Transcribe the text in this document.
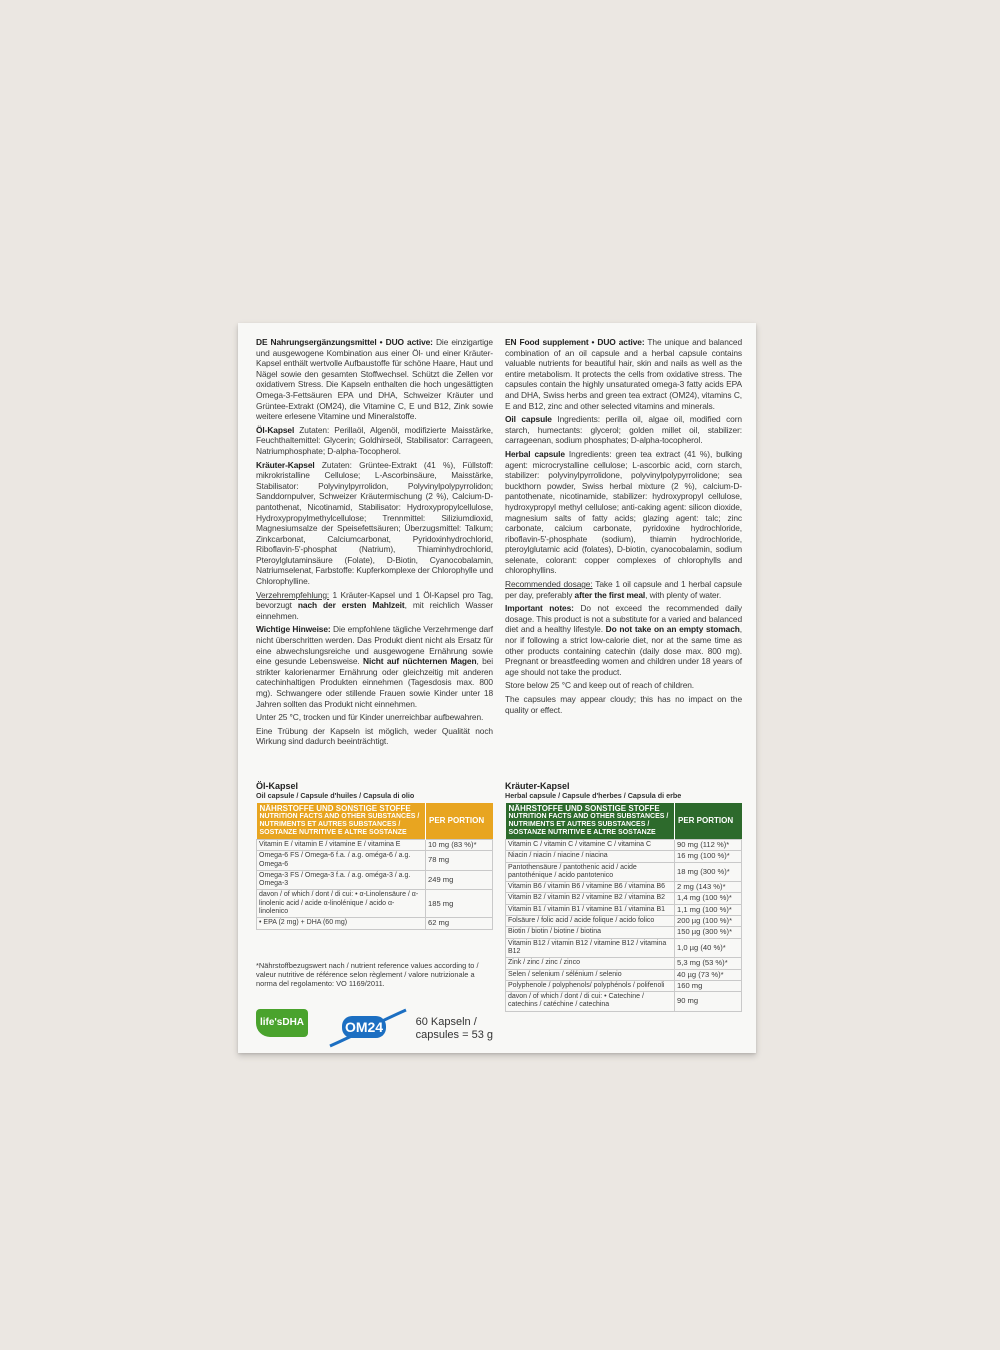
DE Nahrungsergänzungsmittel • DUO active: Die einzigartige und ausgewogene Kombination aus einer Öl- und einer Kräuter-Kapsel enthält wertvolle Aufbaustoffe für schöne Haare, Haut und Nägel sowie den gesamten Stoffwechsel. Schützt die Zellen vor oxidativem Stress. Die Kapseln enthalten die hoch ungesättigten Omega-3-Fettsäuren EPA und DHA, Schweizer Kräuter und Grüntee-Extrakt (OM24), die Vitamine C, E und B12, Zink sowie weitere erlesene Vitamine und Mineralstoffe.

Öl-Kapsel Zutaten: Perillaöl, Algenöl, modifizierte Maisstärke, Feuchthaltemittel: Glycerin; Goldhirseöl, Stabilisator: Carrageen, Natriumphosphate; D-alpha-Tocopherol.

Kräuter-Kapsel Zutaten: Grüntee-Extrakt (41 %), Füllstoff: mikrokristalline Cellulose; L-Ascorbinsäure, Maisstärke, Stabilisator: Polyvinylpyrrolidon, Polyvinylpolypyrrolidon; Sanddornpulver, Schweizer Kräutermischung (2 %), Calcium-D-pantothenat, Nicotinamid, Stabilisator: Hydroxypropylcellulose, Hydroxypropylmethylcellulose; Trennmittel: Siliziumdioxid, Magnesiumsalze der Speisefettsäuren; Überzugsmittel: Talkum; Zinkcarbonat, Calciumcarbonat, Pyridoxinhydrochlorid, Riboflavin-5'-phosphat (Natrium), Thiaminhydrochlorid, Pteroylglutaminsäure (Folate), D-Biotin, Cyanocobalamin, Natriumselenat, Farbstoffe: Kupferkomplexe der Chlorophylle und Chlorophylline.

Verzehrempfehlung: 1 Kräuter-Kapsel und 1 Öl-Kapsel pro Tag, bevorzugt nach der ersten Mahlzeit, mit reichlich Wasser einnehmen.

Wichtige Hinweise: Die empfohlene tägliche Verzehrmenge darf nicht überschritten werden. Das Produkt dient nicht als Ersatz für eine abwechslungsreiche und ausgewogene Ernährung sowie eine gesunde Lebensweise. Nicht auf nüchternen Magen, bei strikter kalorienarmer Ernährung oder gleichzeitig mit anderen catechinhaltigen Produkten einnehmen (Tagesdosis max. 800 mg). Schwangere oder stillende Frauen sowie Kinder unter 18 Jahren sollten das Produkt nicht einnehmen.

Unter 25 °C, trocken und für Kinder unerreichbar aufbewahren.

Eine Trübung der Kapseln ist möglich, weder Qualität noch Wirkung sind dadurch beeinträchtigt.

EN Food supplement • DUO active: The unique and balanced combination of an oil capsule and a herbal capsule contains valuable nutrients for beautiful hair, skin and nails as well as the entire metabolism. It protects the cells from oxidative stress. The capsules contain the highly unsaturated omega-3 fatty acids EPA and DHA, Swiss herbs and green tea extract (OM24), vitamins C, E and B12, zinc and other selected vitamins and minerals.

Oil capsule Ingredients: perilla oil, algae oil, modified corn starch, humectants: glycerol; golden millet oil, stabilizer: carrageenan, sodium phosphates; D-alpha-tocopherol.

Herbal capsule Ingredients: green tea extract (41 %), bulking agent: microcrystalline cellulose; L-ascorbic acid, corn starch, stabilizer: polyvinylpyrrolidone, polyvinylpolypyrrolidone; sea buckthorn powder, Swiss herbal mixture (2 %), calcium-D-pantothenate, nicotinamide, stabilizer: hydroxypropyl cellulose, hydroxypropyl methyl cellulose; anti-caking agent: silicon dioxide, magnesium salts of fatty acids; glazing agent: talc; zinc carbonate, calcium carbonate, pyridoxine hydrochloride, riboflavin-5'-phosphate (sodium), thiamin hydrochloride, pteroylglutamic acid (folates), D-biotin, cyanocobalamin, sodium selenate, colorant: copper complexes of chlorophylls and chlorophyllins.

Recommended dosage: Take 1 oil capsule and 1 herbal capsule per day, preferably after the first meal, with plenty of water.

Important notes: Do not exceed the recommended daily dosage. This product is not a substitute for a varied and balanced diet and a healthy lifestyle. Do not take on an empty stomach, nor if following a strict low-calorie diet, nor at the same time as other products containing catechin (daily dose max. 800 mg). Pregnant or breastfeeding women and children under 18 years of age should not take the product.

Store below 25 °C and keep out of reach of children.

The capsules may appear cloudy; this has no impact on the quality or effect.

Öl-Kapsel
Oil capsule / Capsule d'huiles / Capsula di olio
NÄHRSTOFFE UND SONSTIGE STOFFE
NUTRITION FACTS AND OTHER SUBSTANCES / NUTRIMENTS ET AUTRES SUBSTANCES / SOSTANZE NUTRITIVE E ALTRE SOSTANZE	PER PORTION
Vitamin E / vitamin E / vitamine E / vitamina E	10 mg (83 %)*
Omega-6 FS / Omega-6 f.a. / a.g. oméga-6 / a.g. Omega-6	78 mg
Omega-3 FS / Omega-3 f.a. / a.g. oméga-3 / a.g. Omega-3	249 mg
davon / of which / dont / di cui: • α-Linolensäure / α-linolenic acid / acide α-linolénique / acido α-linolenico	185 mg
• EPA (2 mg) + DHA (60 mg)	62 mg
Kräuter-Kapsel
Herbal capsule / Capsule d'herbes / Capsula di erbe
NÄHRSTOFFE UND SONSTIGE STOFFE
NUTRITION FACTS AND OTHER SUBSTANCES / NUTRIMENTS ET AUTRES SUBSTANCES / SOSTANZE NUTRITIVE E ALTRE SOSTANZE	PER PORTION
Vitamin C / vitamin C / vitamine C / vitamina C	90 mg (112 %)*
Niacin / niacin / niacine / niacina	16 mg (100 %)*
Pantothensäure / pantothenic acid / acide pantothénique / acido pantotenico	18 mg (300 %)*
Vitamin B6 / vitamin B6 / vitamine B6 / vitamina B6	2 mg (143 %)*
Vitamin B2 / vitamin B2 / vitamine B2 / vitamina B2	1,4 mg (100 %)*
Vitamin B1 / vitamin B1 / vitamine B1 / vitamina B1	1,1 mg (100 %)*
Folsäure / folic acid / acide folique / acido folico	200 µg (100 %)*
Biotin / biotin / biotine / biotina	150 µg (300 %)*
Vitamin B12 / vitamin B12 / vitamine B12 / vitamina B12	1,0 µg (40 %)*
Zink / zinc / zinc / zinco	5,3 mg (53 %)*
Selen / selenium / sélénium / selenio	40 µg (73 %)*
Polyphenole / polyphenols/ polyphénols / polifenoli	160 mg
davon / of which / dont / di cui: • Catechine / catechins / catéchine / catechina	90 mg
*Nährstoffbezugswert nach / nutrient reference values according to / valeur nutritive de référence selon règlement / valore nutrizionale a norma del regolamento: VO 1169/2011.
life'sDHA	OM24	60 Kapseln /
capsules = 53 g
